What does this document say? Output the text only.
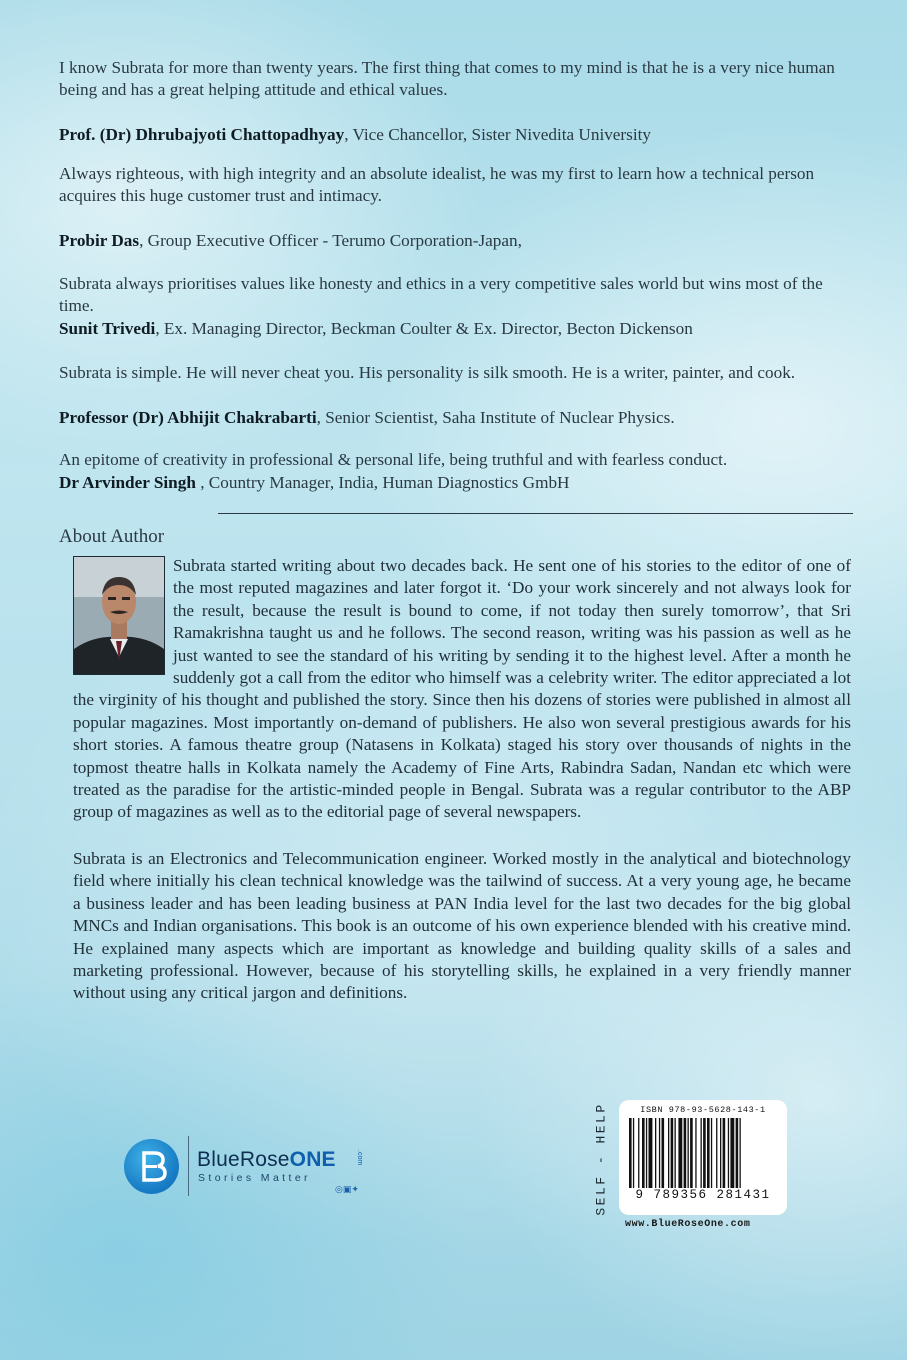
I know Subrata for more than twenty years. The first thing that comes to my mind is that he is a very nice human being and has a great helping attitude and ethical values.
Prof. (Dr) Dhrubajyoti Chattopadhyay, Vice Chancellor, Sister Nivedita University
Always righteous, with high integrity and an absolute idealist, he was my first to learn how a technical person acquires this huge customer trust and intimacy.
Probir Das, Group Executive Officer - Terumo Corporation-Japan,
Subrata always prioritises values like honesty and ethics in a very competitive sales world but wins most of the time.
Sunit Trivedi, Ex. Managing Director, Beckman Coulter & Ex. Director, Becton Dickenson
Subrata is simple. He will never cheat you. His personality is silk smooth. He is a writer, painter, and cook.
Professor (Dr) Abhijit Chakrabarti, Senior Scientist, Saha Institute of Nuclear Physics.
An epitome of creativity in professional & personal life, being truthful and with fearless conduct.
Dr Arvinder Singh , Country Manager, India, Human Diagnostics GmbH
About Author
Subrata started writing about two decades back. He sent one of his stories to the editor of one of the most reputed magazines and later forgot it. ‘Do your work sincerely and not always look for the result, because the result is bound to come, if not today then surely tomorrow’, that Sri Ramakrishna taught us and he follows. The second reason, writing was his passion as well as he just wanted to see the standard of his writing by sending it to the highest level. After a month he suddenly got a call from the editor who himself was a celebrity writer. The editor appreciated a lot the virginity of his thought and published the story. Since then his dozens of stories were published in almost all popular magazines. Most importantly on-demand of publishers. He also won several prestigious awards for his short stories. A famous theatre group (Natasens in Kolkata) staged his story over thousands of nights in the topmost theatre halls in Kolkata namely the Academy of Fine Arts, Rabindra Sadan, Nandan etc which were treated as the paradise for the artistic-minded people in Bengal. Subrata was a regular contributor to the ABP group of magazines as well as to the editorial page of several newspapers.
Subrata is an Electronics and Telecommunication engineer. Worked mostly in the analytical and biotechnology field where initially his clean technical knowledge was the tailwind of success. At a very young age, he became a business leader and has been leading business at PAN India level for the last two decades for the big global MNCs and Indian organisations. This book is an outcome of his own experience blended with his creative mind. He explained many aspects which are important as knowledge and building quality skills of a sales and marketing professional. However, because of his storytelling skills, he explained in a very friendly manner without using any critical jargon and definitions.
BlueRoseONE	.com
Stories Matter
◎▣✦	SELF - HELP	ISBN 978-93-5628-143-1
9 789356 281431
www.BlueRoseOne.com
